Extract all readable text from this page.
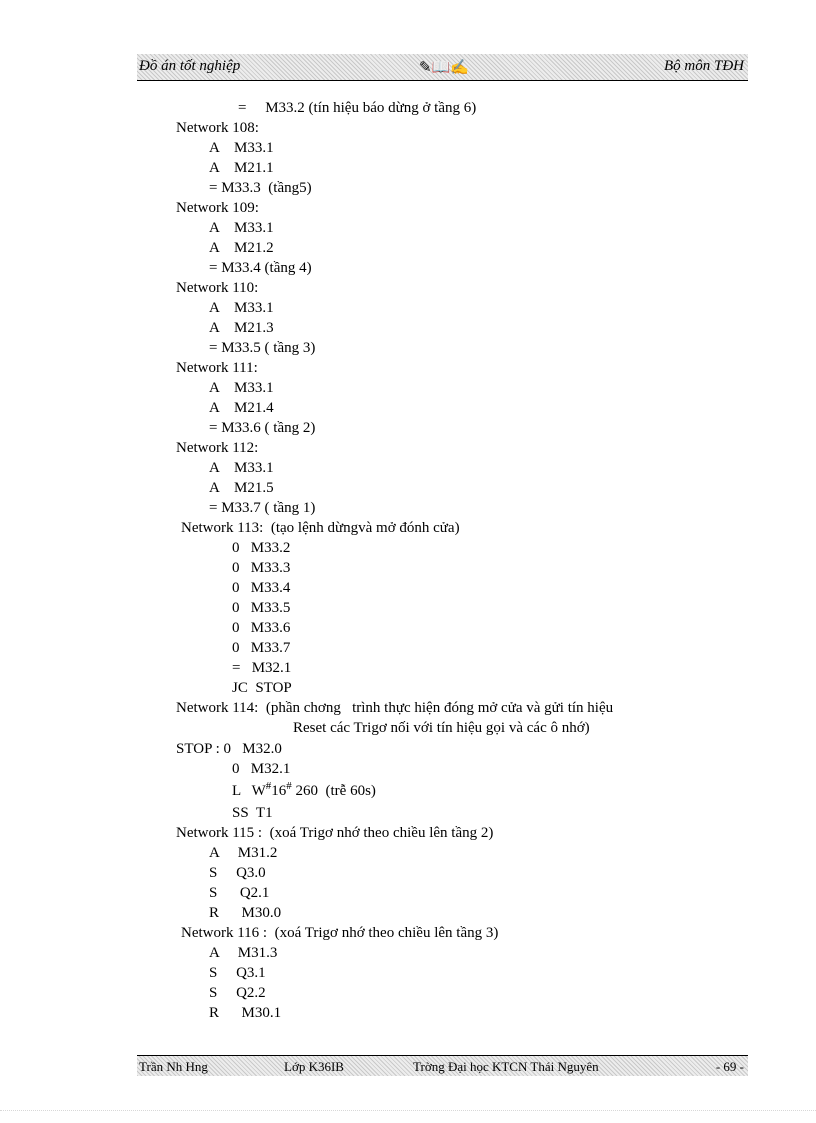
Đồ án tốt nghiệp	✎📖✍	Bộ môn TĐH
=     M33.2 (tín hiệu báo dừng ở tầng 6)
Network 108:
A    M33.1
A    M21.1
= M33.3  (tầng5)
Network 109:
A    M33.1
A    M21.2
= M33.4 (tầng 4)
Network 110:
A    M33.1
A    M21.3
= M33.5 ( tầng 3)
Network 111:
A    M33.1
A    M21.4
= M33.6 ( tầng 2)
Network 112:
A    M33.1
A    M21.5
= M33.7 ( tầng 1)
Network 113:  (tạo lệnh dừngvà mở đónh cửa)
0   M33.2
0   M33.3
0   M33.4
0   M33.5
0   M33.6
0   M33.7
=   M32.1
JC  STOP
Network 114:  (phần chơng   trình thực hiện đóng mở cửa và gửi tín hiệu
Reset các Trigơ nối với tín hiệu gọi và các ô nhớ)
STOP : 0   M32.0
0   M32.1
L W#16# 260  (trễ 60s)
SS  T1
Network 115 :  (xoá Trigơ nhớ theo chiều lên tầng 2)
A     M31.2
S     Q3.0
S      Q2.1
R      M30.0
Network 116 :  (xoá Trigơ nhớ theo chiều lên tầng 3)
A     M31.3
S     Q3.1
S     Q2.2
R      M30.1
Trần Nh Hng	Lớp K36IB	Trờng Đại học KTCN Thái Nguyên	- 69 -
